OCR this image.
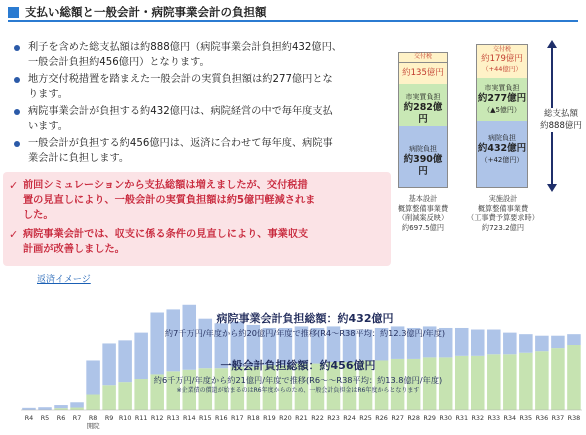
支払い総額と一般会計・病院事業会計の負担額
利子を含めた総支払額は約888億円（病院事業会計負担約432億円、
一般会計負担約456億円）となります。
地方交付税措置を踏まえた一般会計の実質負担額は約277億円とな
ります。
病院事業会計が負担する約432億円は、病院経営の中で毎年度支払
います。
一般会計が負担する約456億円は、返済に合わせて毎年度、病院事
業会計に負担します。
✓ 前回シミュレーションから支払総額は増えましたが、交付税措
置の見直しにより、一般会計の実質負担額は約5億円軽減されま
した。
✓ 病院事業会計では、収支に係る条件の見直しにより、事業収支
計画が改善しました。
交付税
約135億円
市実質負担
約282億円
病院負担
約390億円
基本設計
概算整備事業費
（削減案反映）
約697.5億円
交付税
約179億円
（+44億円）
市実質負担
約277億円
（▲5億円）
病院負担
約432億円
（+42億円）
実施設計
概算整備事業費
（工事費予算要求時）
約723.2億円
総支払額
約888億円
返済イメージ
R4 R5 R6 R7 R8
開院
R9 R10 R11 R12 R13 R14 R15 R16 R17 R18 R19 R20 R21 R22 R23 R24 R25 R26 R27 R28 R29 R30 R31 R32 R33 R34 R35 R36 R37 R38
病院事業会計負担総額：約432億円
約7千万円/年度から約20億円/年度で推移(R4～R38平均：約12.3億円/年度)
一般会計負担総額：約456億円
約6千万円/年度から約21億円/年度で推移(R6～～R38平均：約13.8億円/年度)
※企業債の償還が始まるのはR6年度からのため、一般会計負担金はR6年度からとなります
